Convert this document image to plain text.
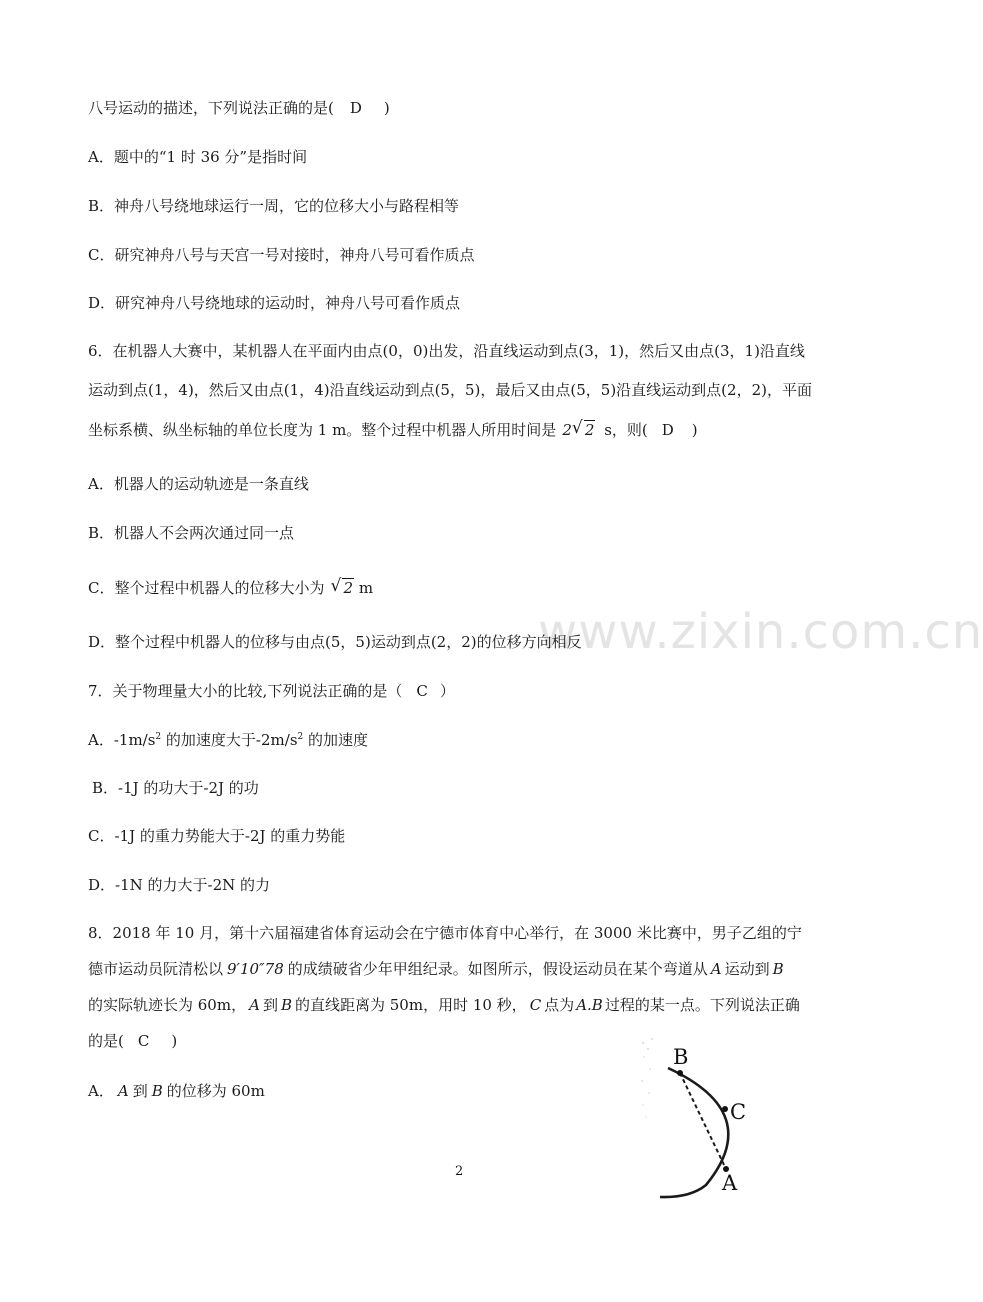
www.zixin.com.cn
八号运动的描述，下列说法正确的是( D )
A．题中的“1 时 36 分”是指时间
B．神舟八号绕地球运行一周，它的位移大小与路程相等
C．研究神舟八号与天宫一号对接时，神舟八号可看作质点
D．研究神舟八号绕地球的运动时，神舟八号可看作质点
6．在机器人大赛中，某机器人在平面内由点(0，0)出发，沿直线运动到点(3，1)，然后又由点(3，1)沿直线
运动到点(1，4)，然后又由点(1，4)沿直线运动到点(5，5)，最后又由点(5，5)沿直线运动到点(2，2)，平面
坐标系横、纵坐标轴的单位长度为 1 m。整个过程中机器人所用时间是 2 √ 2 s，则( D )
A．机器人的运动轨迹是一条直线
B．机器人不会两次通过同一点
C．整个过程中机器人的位移大小为 √ 2 m
D．整个过程中机器人的位移与由点(5，5)运动到点(2，2)的位移方向相反
7．关于物理量大小的比较,下列说法正确的是（ C ）
A．$-1m/s^2$ 的加速度大于$-2m/s^2$ 的加速度
B．-1J 的功大于-2J 的功
C．-1J 的重力势能大于-2J 的重力势能
D．-1N 的力大于-2N 的力
8．2018 年 10 月，第十六届福建省体育运动会在宁德市体育中心举行，在 3000 米比赛中，男子乙组的宁
德市运动员阮清松以 9′10″78 的成绩破省少年甲组纪录。如图所示，假设运动员在某个弯道从 A 运动到 B
的实际轨迹长为 60m， A 到 B 的直线距离为 50m，用时 10 秒， C 点为 A.B 过程的某一点。下列说法正确
的是( C )
A． A 到 B 的位移为 60m
B
C
A
2
